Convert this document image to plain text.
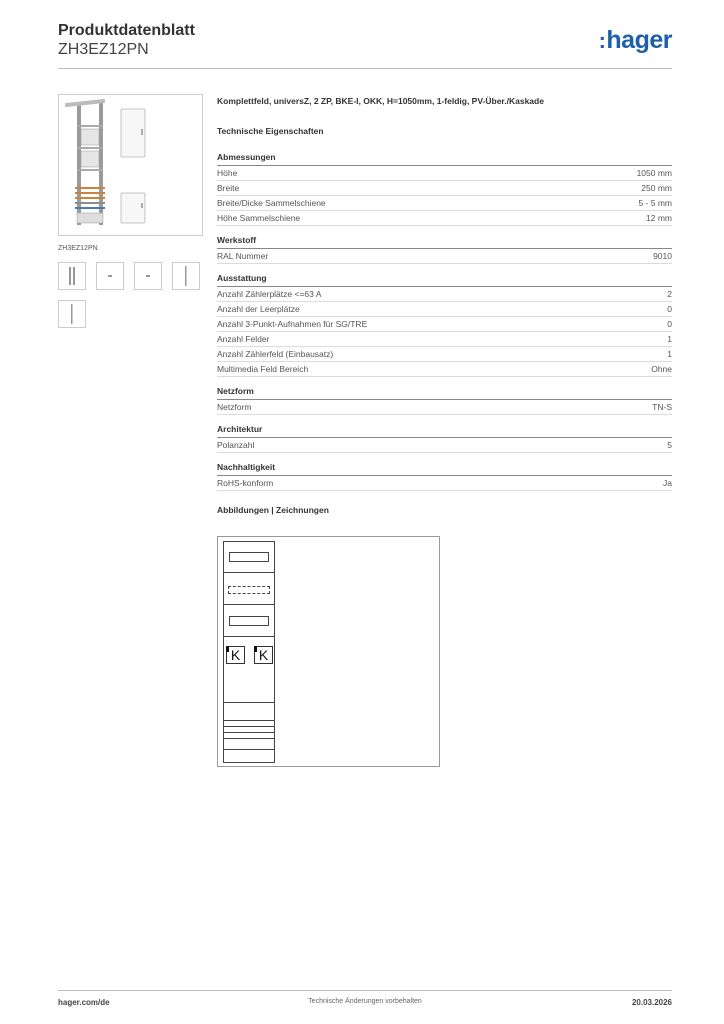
Produktdatenblatt
ZH3EZ12PN	:hager
ZH3EZ12PN
Komplettfeld, universZ, 2 ZP, BKE-I, OKK, H=1050mm, 1-feldig, PV-Über./Kaskade
Technische Eigenschaften
Abmessungen
Höhe	1050 mm
Breite	250 mm
Breite/Dicke Sammelschiene	5 - 5 mm
Höhe Sammelschiene	12 mm
Werkstoff
RAL Nummer	9010
Ausstattung
Anzahl Zählerplätze <=63 A	2
Anzahl der Leerplätze	0
Anzahl 3-Punkt-Aufnahmen für SG/TRE	0
Anzahl Felder	1
Anzahl Zählerfeld (Einbausatz)	1
Multimedia Feld Bereich	Ohne
Netzform
Netzform	TN-S
Architektur
Polanzahl	5
Nachhaltigkeit
RoHS-konform	Ja
Abbildungen | Zeichnungen
K	K
hager.com/de	Technische Änderungen vorbehalten	20.03.2026
